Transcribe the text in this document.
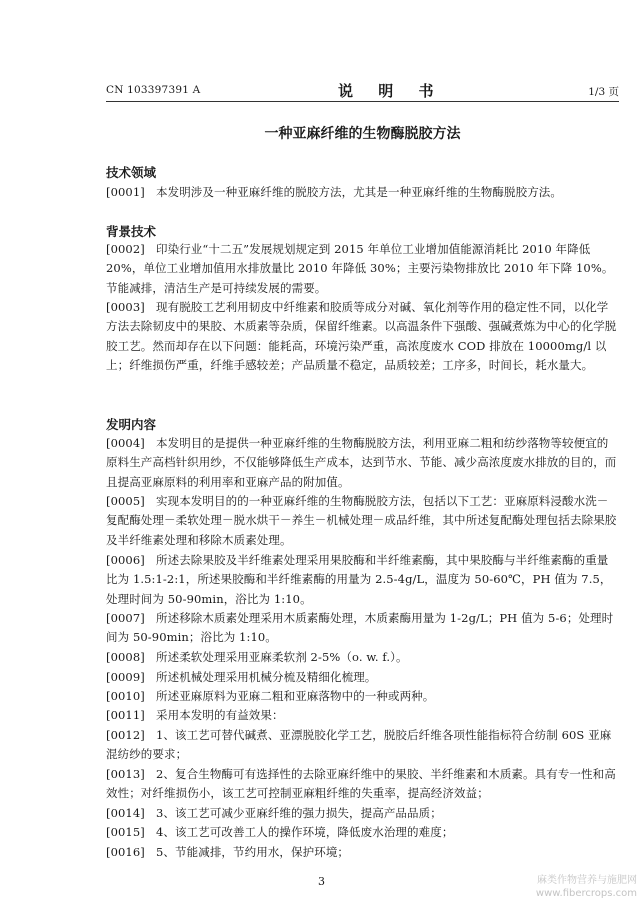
CN 103397391 A	说 明 书	1/3 页
一种亚麻纤维的生物酶脱胶方法
技术领域
[0001] 本发明涉及一种亚麻纤维的脱胶方法，尤其是一种亚麻纤维的生物酶脱胶方法。
背景技术
[0002] 印染行业“十二五”发展规划规定到 2015 年单位工业增加值能源消耗比 2010 年降低 20%，单位工业增加值用水排放量比 2010 年降低 30%；主要污染物排放比 2010 年下降 10%。节能减排，清洁生产是可持续发展的需要。
[0003] 现有脱胶工艺利用韧皮中纤维素和胶质等成分对碱、氧化剂等作用的稳定性不同，以化学方法去除韧皮中的果胶、木质素等杂质，保留纤维素。以高温条件下强酸、强碱煮炼为中心的化学脱胶工艺。然而却存在以下问题：能耗高，环境污染严重，高浓度废水 COD 排放在 10000mg/l 以上；纤维损伤严重，纤维手感较差；产品质量不稳定，品质较差；工序多，时间长，耗水量大。
发明内容
[0004] 本发明目的是提供一种亚麻纤维的生物酶脱胶方法，利用亚麻二粗和纺纱落物等较便宜的原料生产高档针织用纱，不仅能够降低生产成本，达到节水、节能、减少高浓度废水排放的目的，而且提高亚麻原料的利用率和亚麻产品的附加值。
[0005] 实现本发明目的的一种亚麻纤维的生物酶脱胶方法，包括以下工艺：亚麻原料浸酸水洗－复配酶处理－柔软处理－脱水烘干－养生－机械处理－成品纤维，其中所述复配酶处理包括去除果胶及半纤维素处理和移除木质素处理。
[0006] 所述去除果胶及半纤维素处理采用果胶酶和半纤维素酶，其中果胶酶与半纤维素酶的重量比为 1.5:1-2:1，所述果胶酶和半纤维素酶的用量为 2.5-4g/L，温度为 50-60℃，PH 值为 7.5，处理时间为 50-90min，浴比为 1:10。
[0007] 所述移除木质素处理采用木质素酶处理，木质素酶用量为 1-2g/L；PH 值为 5-6；处理时间为 50-90min；浴比为 1:10。
[0008] 所述柔软处理采用亚麻柔软剂 2-5%（o. w. f.）。
[0009] 所述机械处理采用机械分梳及精细化梳理。
[0010] 所述亚麻原料为亚麻二粗和亚麻落物中的一种或两种。
[0011] 采用本发明的有益效果：
[0012] 1、该工艺可替代碱煮、亚漂脱胶化学工艺，脱胶后纤维各项性能指标符合纺制 60S 亚麻混纺纱的要求；
[0013] 2、复合生物酶可有选择性的去除亚麻纤维中的果胶、半纤维素和木质素。具有专一性和高效性；对纤维损伤小，该工艺可控制亚麻粗纤维的失重率，提高经济效益；
[0014] 3、该工艺可减少亚麻纤维的强力损失，提高产品品质；
[0015] 4、该工艺可改善工人的操作环境，降低废水治理的难度；
[0016] 5、节能减排，节约用水，保护环境；
3	麻类作物营养与施肥网
www.fibercrops.com
